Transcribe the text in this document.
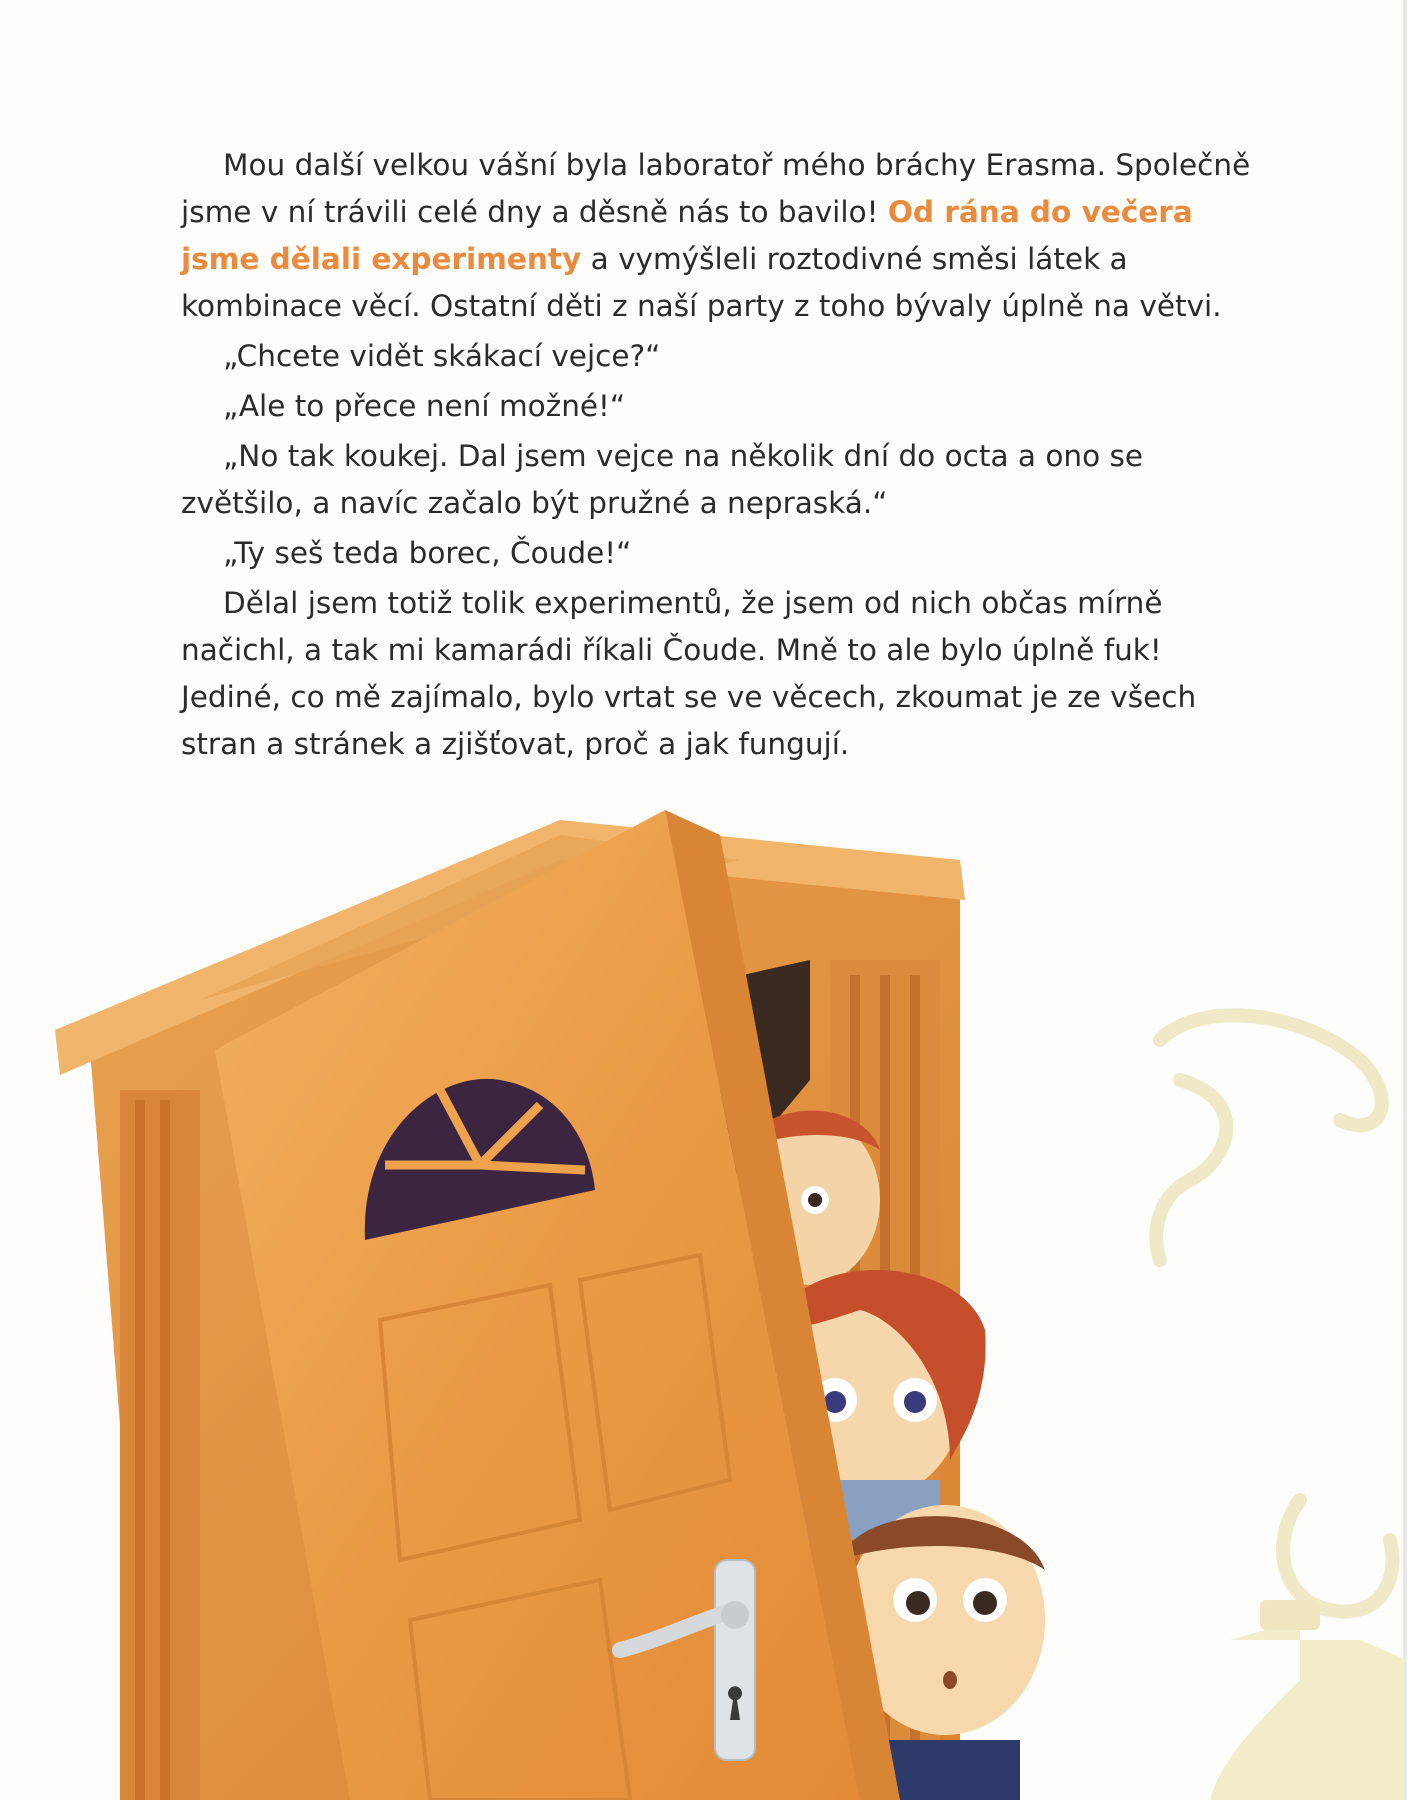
Mou další velkou vášní byla laboratoř mého bráchy Erasma. Společně jsme v ní trávili celé dny a děsně nás to bavilo! Od rána do večera jsme dělali experimenty a vymýšleli roztodivné směsi látek a kombinace věcí. Ostatní děti z naší party z toho bývaly úplně na větvi.

„Chcete vidět skákací vejce?“

„Ale to přece není možné!“

„No tak koukej. Dal jsem vejce na několik dní do octa a ono se zvětšilo, a navíc začalo být pružné a nepraská.“

„Ty seš teda borec, Čoude!“

Dělal jsem totiž tolik experimentů, že jsem od nich občas mírně načichl, a tak mi kamarádi říkali Čoude. Mně to ale bylo úplně fuk! Jediné, co mě zajímalo, bylo vrtat se ve věcech, zkoumat je ze všech stran a stránek a zjišťovat, proč a jak fungují.
